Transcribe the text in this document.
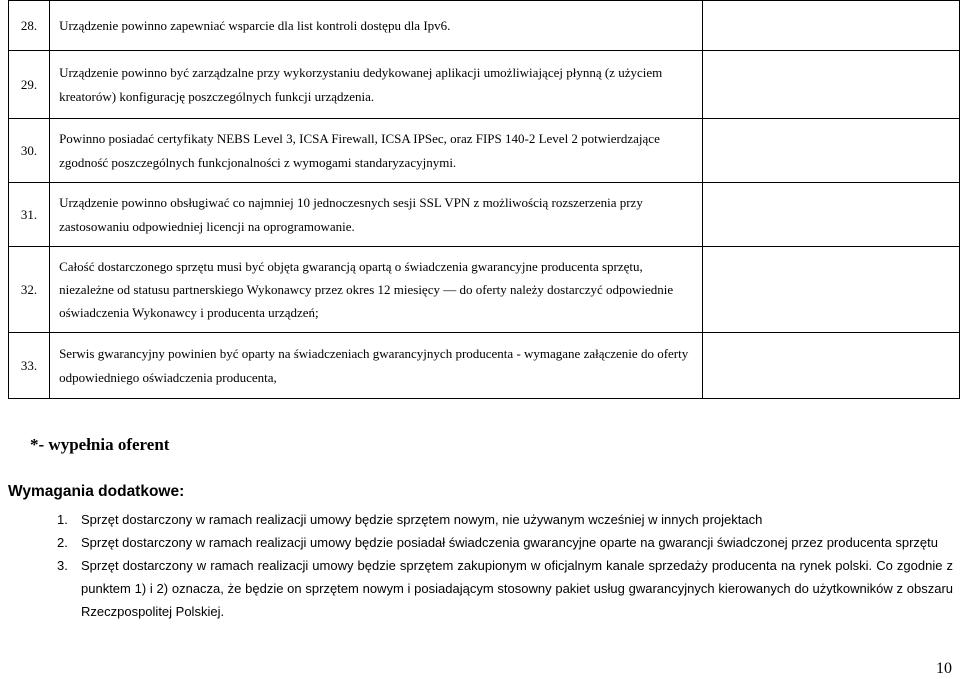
28.	Urządzenie powinno zapewniać wsparcie dla list kontroli dostępu dla Ipv6.	
29.	Urządzenie powinno być zarządzalne przy wykorzystaniu dedykowanej aplikacji umożliwiającej płynną (z użyciem kreatorów) konfigurację poszczególnych funkcji urządzenia.	
30.	Powinno posiadać certyfikaty NEBS Level 3, ICSA Firewall, ICSA IPSec, oraz FIPS 140-2 Level 2 potwierdzające zgodność poszczególnych funkcjonalności z wymogami standaryzacyjnymi.	
31.	Urządzenie powinno obsługiwać co najmniej 10 jednoczesnych sesji SSL VPN z możliwością rozszerzenia przy zastosowaniu odpowiedniej licencji na oprogramowanie.	
32.	Całość dostarczonego sprzętu musi być objęta gwarancją opartą o świadczenia gwarancyjne producenta sprzętu, niezależne od statusu partnerskiego Wykonawcy przez okres 12 miesięcy — do oferty należy dostarczyć odpowiednie oświadczenia Wykonawcy i producenta urządzeń;	
33.	Serwis gwarancyjny powinien być oparty na świadczeniach gwarancyjnych producenta - wymagane załączenie do oferty odpowiedniego oświadczenia producenta,	
*- wypełnia oferent
Wymagania dodatkowe:
1.	Sprzęt dostarczony w ramach realizacji umowy będzie sprzętem nowym, nie używanym wcześniej w innych projektach
2.	Sprzęt dostarczony w ramach realizacji umowy będzie posiadał świadczenia gwarancyjne oparte na gwarancji świadczonej przez producenta sprzętu
3.	Sprzęt dostarczony w ramach realizacji umowy będzie sprzętem zakupionym w oficjalnym kanale sprzedaży producenta na rynek polski. Co zgodnie z punktem 1) i 2) oznacza, że będzie on sprzętem nowym i posiadającym stosowny pakiet usług gwarancyjnych kierowanych do użytkowników z obszaru Rzeczpospolitej Polskiej.
10
